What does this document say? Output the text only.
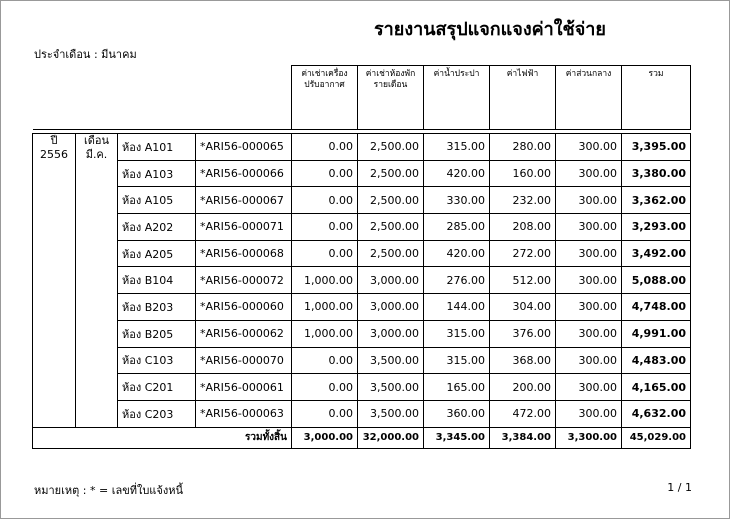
รายงานสรุปแจกแจงค่าใช้จ่าย
ประจำเดือน : มีนาคม
				ค่าเช่าเครื่องปรับอากาศ	ค่าเช่าห้องพักรายเดือน	ค่าน้ำประปา	ค่าไฟฟ้า	ค่าส่วนกลาง	รวม

ปี 2556	เดือน มี.ค.	ห้อง A101	*ARI56-000065	0.00	2,500.00	315.00	280.00	300.00	3,395.00
		ห้อง A103	*ARI56-000066	0.00	2,500.00	420.00	160.00	300.00	3,380.00
		ห้อง A105	*ARI56-000067	0.00	2,500.00	330.00	232.00	300.00	3,362.00
		ห้อง A202	*ARI56-000071	0.00	2,500.00	285.00	208.00	300.00	3,293.00
		ห้อง A205	*ARI56-000068	0.00	2,500.00	420.00	272.00	300.00	3,492.00
		ห้อง B104	*ARI56-000072	1,000.00	3,000.00	276.00	512.00	300.00	5,088.00
		ห้อง B203	*ARI56-000060	1,000.00	3,000.00	144.00	304.00	300.00	4,748.00
		ห้อง B205	*ARI56-000062	1,000.00	3,000.00	315.00	376.00	300.00	4,991.00
		ห้อง C103	*ARI56-000070	0.00	3,500.00	315.00	368.00	300.00	4,483.00
		ห้อง C201	*ARI56-000061	0.00	3,500.00	165.00	200.00	300.00	4,165.00
		ห้อง C203	*ARI56-000063	0.00	3,500.00	360.00	472.00	300.00	4,632.00
รวมทั้งสิ้น				3,000.00	32,000.00	3,345.00	3,384.00	3,300.00	45,029.00
หมายเหตุ : * = เลขที่ใบแจ้งหนี้	1 / 1
